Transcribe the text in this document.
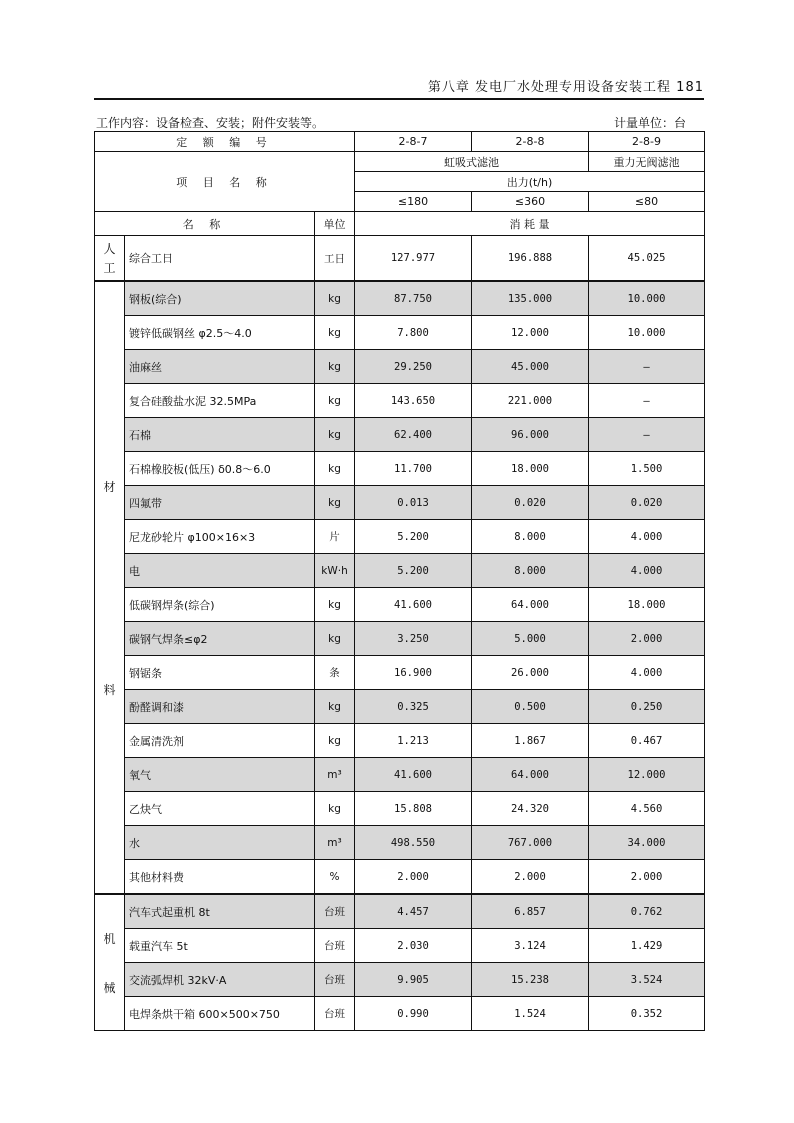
第八章 发电厂水处理专用设备安装工程 181
工作内容：设备检查、安装；附件安装等。	计量单位：台
定 额 编 号			2-8-7	2-8-8	2-8-9
项 目 名 称			虹吸式滤池		重力无阀滤池
			出力(t/h)		
			≤180	≤360	≤80
名 称		单位	消 耗 量		

人
工	综合工日	工日	127.977	196.888	45.025

材
料	钢板(综合)	kg	87.750	135.000	10.000
	镀锌低碳钢丝 φ2.5～4.0	kg	7.800	12.000	10.000
	油麻丝	kg	29.250	45.000	—
	复合硅酸盐水泥 32.5MPa	kg	143.650	221.000	—
	石棉	kg	62.400	96.000	—
	石棉橡胶板(低压) δ0.8～6.0	kg	11.700	18.000	1.500
	四氟带	kg	0.013	0.020	0.020
	尼龙砂轮片 φ100×16×3	片	5.200	8.000	4.000
	电	kW·h	5.200	8.000	4.000
	低碳钢焊条(综合)	kg	41.600	64.000	18.000
	碳钢气焊条≤φ2	kg	3.250	5.000	2.000
	钢锯条	条	16.900	26.000	4.000
	酚醛调和漆	kg	0.325	0.500	0.250
	金属清洗剂	kg	1.213	1.867	0.467
	氧气	m³	41.600	64.000	12.000
	乙炔气	kg	15.808	24.320	4.560
	水	m³	498.550	767.000	34.000
	其他材料费	%	2.000	2.000	2.000

机
械	汽车式起重机 8t	台班	4.457	6.857	0.762
	载重汽车 5t	台班	2.030	3.124	1.429
	交流弧焊机 32kV·A	台班	9.905	15.238	3.524
	电焊条烘干箱 600×500×750	台班	0.990	1.524	0.352
